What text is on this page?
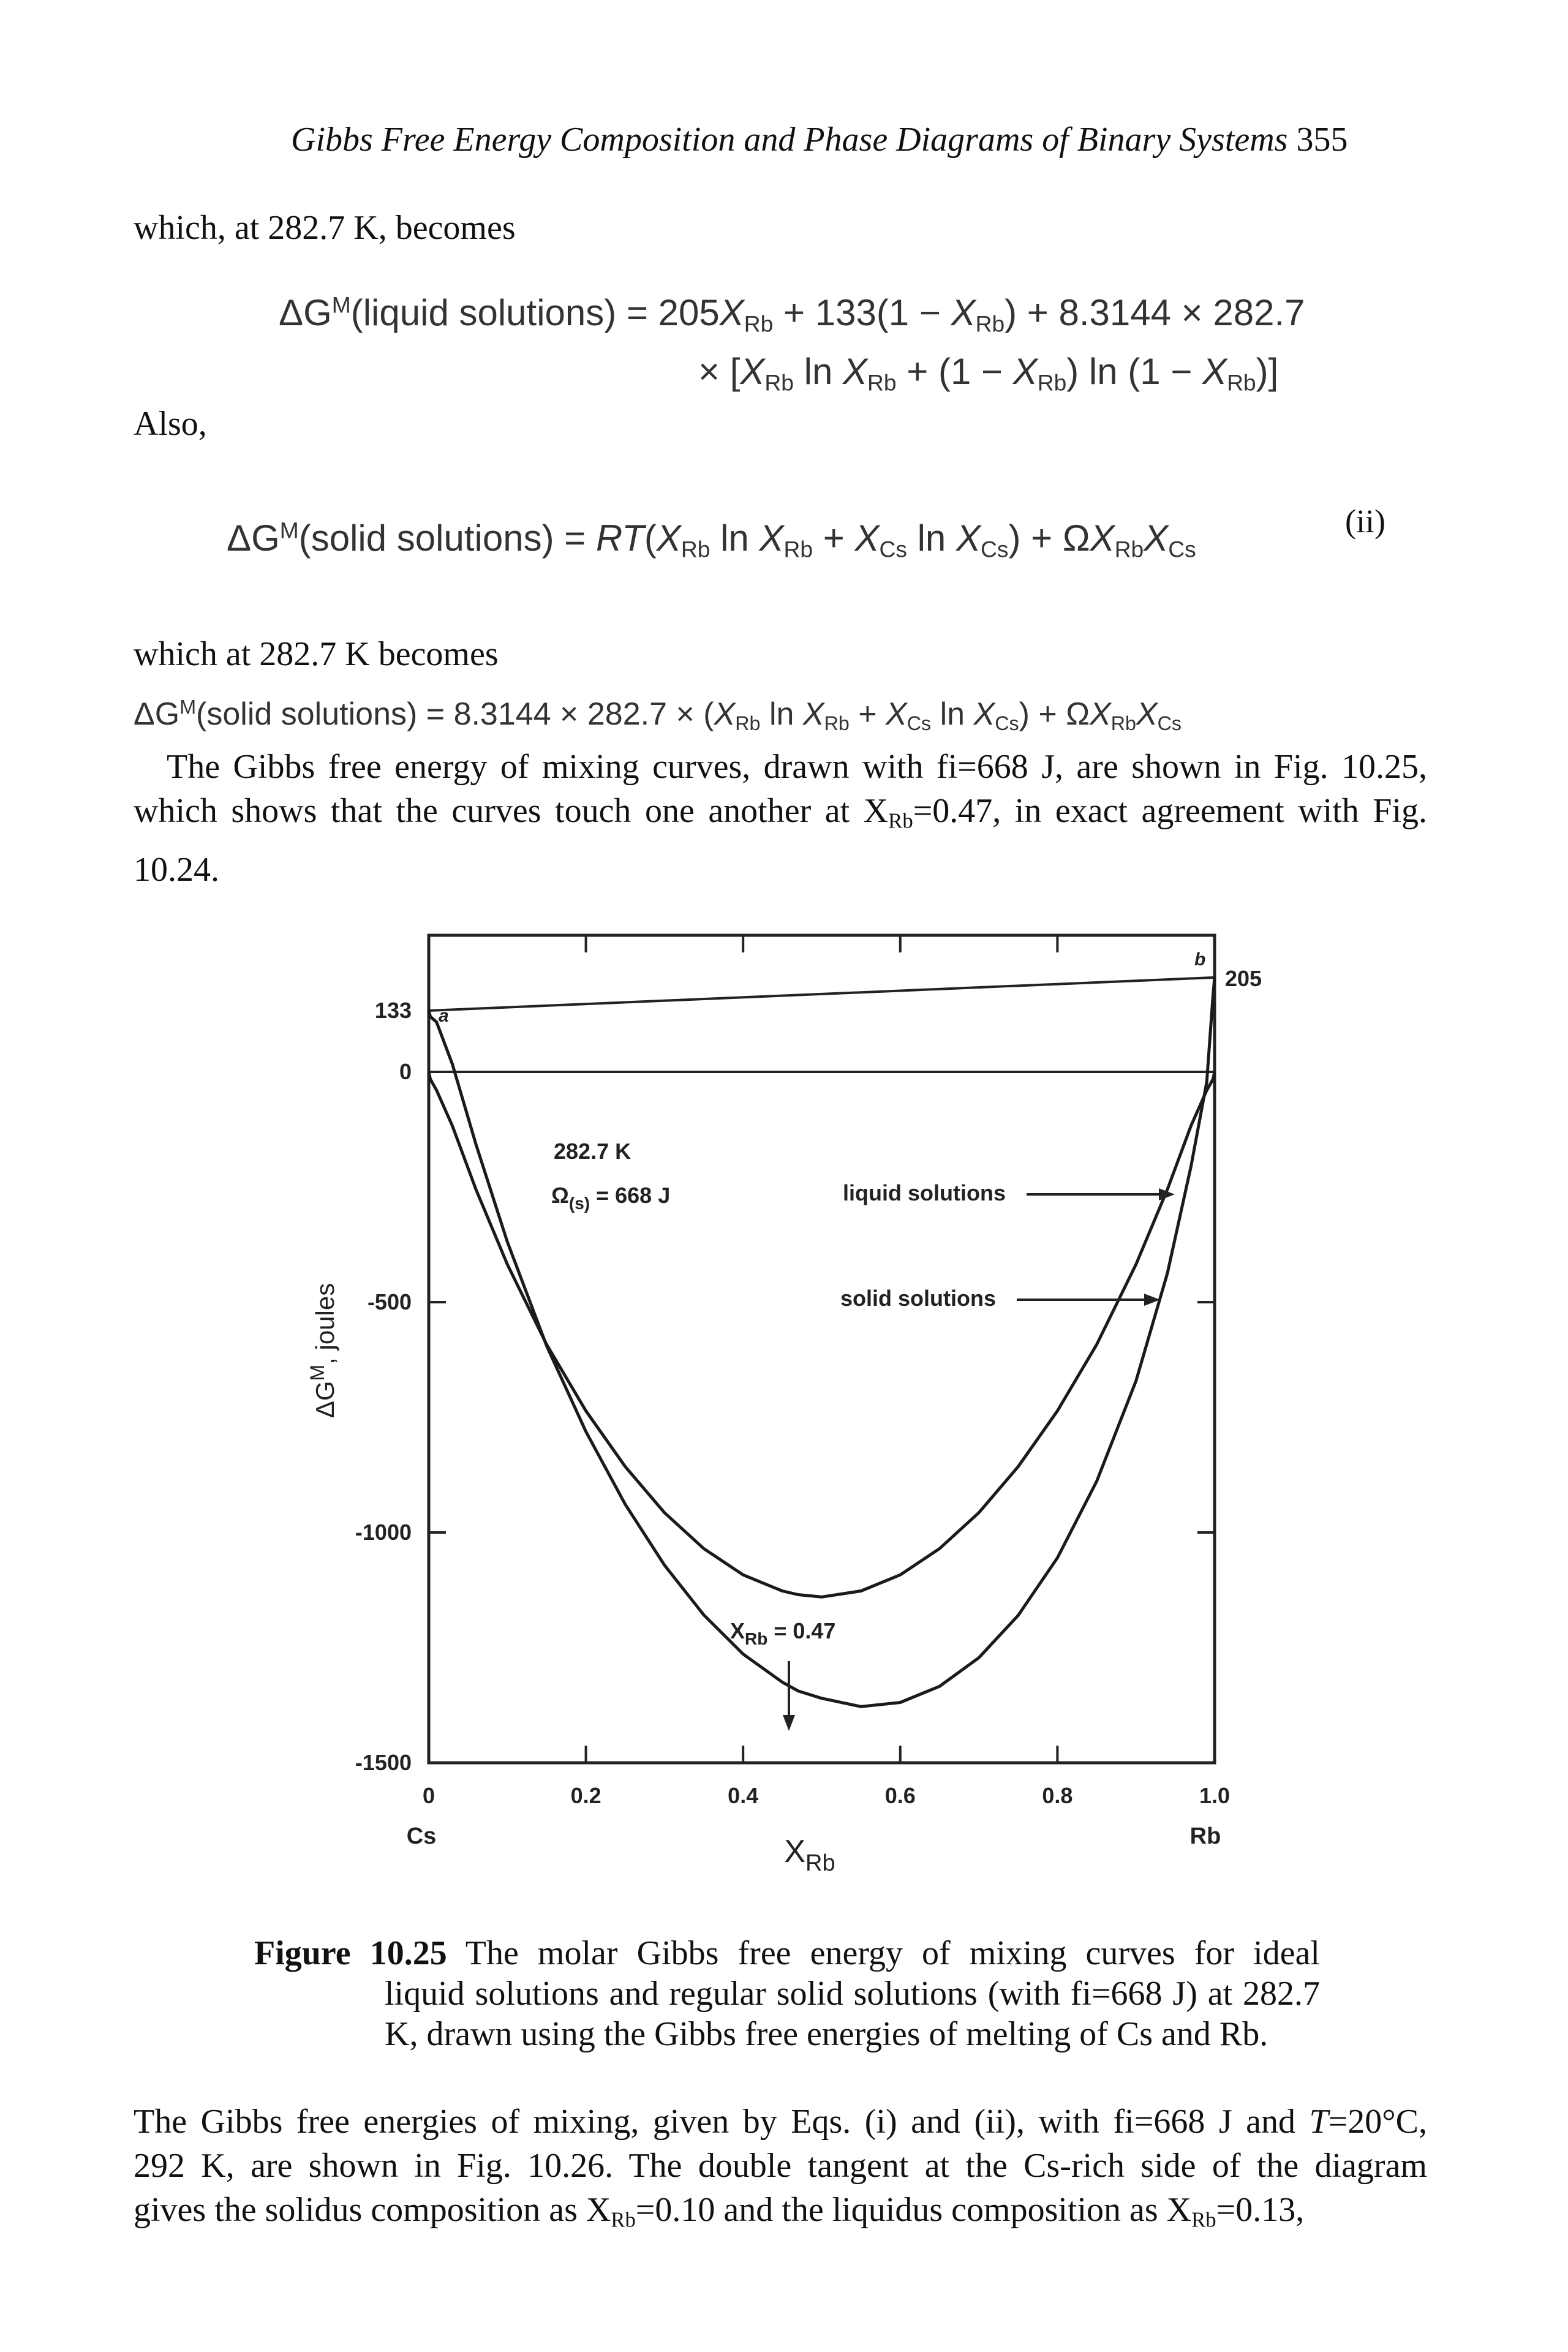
Gibbs Free Energy Composition and Phase Diagrams of Binary Systems 355
which, at 282.7 K, becomes
$\Delta G^M(liquid$ solutions) = $205X_{Rb} + 133(1 - X_{Rb}) + 8.3144 \times 282.7$
× [$X_{Rb}$ $\ln X_{Rb} + (1 - X_{Rb})$ $\ln (1 - X_{Rb})$]
Also,
$\Delta G^M(solid$ solutions) = $RT(X_{Rb}$ $\ln X_{Rb} + X_{Cs}$ $\ln X_{Cs}) + \Omega X_{Rb}X_{Cs}$
(ii)
which at 282.7 K becomes
$\Delta G^M(solid$ solutions) = $8.3144 \times 282.7 \times (X_{Rb}$ $\ln X_{Rb} + X_{Cs}$ $\ln X_{Cs}) + \Omega X_{Rb}X_{Cs}$
The Gibbs free energy of mixing curves, drawn with fi=668 J, are shown in Fig. 10.25,
which shows that the curves touch one another at $X_{Rb}=0.47$, in exact agreement with Fig.
10.24.
0	0.2	0.4	0.6	0.8	1.0
133
0
-500
-1000
-1500
$X_{Rb}$
$\Delta G^M$, joules
Cs	Rb
a
b
205
282.7 K
$\Omega_{(s)} = 668$ J	liquid solutions
solid solutions
$X_{Rb} = 0.47$
Figure 10.25 The molar Gibbs free energy of mixing curves for ideal
liquid solutions and regular solid solutions (with fi=668 J) at 282.7
K, drawn using the Gibbs free energies of melting of Cs and Rb.
The Gibbs free energies of mixing, given by Eqs. (i) and (ii), with fi=668 J and T=20°C,
292 K, are shown in Fig. 10.26. The double tangent at the Cs-rich side of the diagram
gives the solidus composition as $X_{Rb}=0.10$ and the liquidus composition as $X_{Rb}=0.13$,
